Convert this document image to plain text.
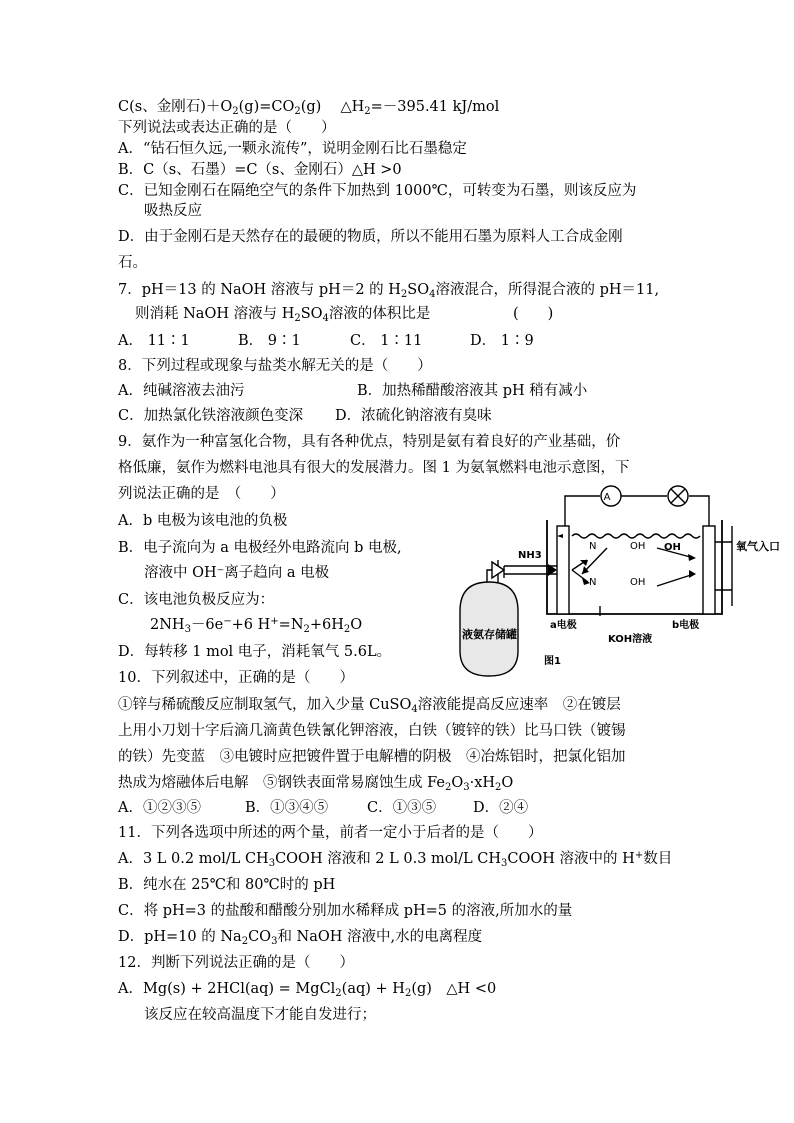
C(s、金刚石)$+O_2(g)=CO_2(g)$　 $\triangle H_2=-395.41$ kJ/mol
下列说法或表达正确的是（　　）
A．“钻石恒久远,一颗永流传”，说明金刚石比石墨稳定
B．C（s、石墨）=C（s、金刚石）△H >0
C．已知金刚石在隔绝空气的条件下加热到 1000℃，可转变为石墨，则该反应为
吸热反应
D．由于金刚石是天然存在的最硬的物质，所以不能用石墨为原料人工合成金刚
石。
7．pH＝13 的 NaOH 溶液与 pH＝2 的 $H_2SO_4$溶液混合，所得混合液的 pH＝11,
则消耗 NaOH 溶液与 $H_2SO_4$溶液的体积比是	(　　)
A． 11∶1	B． 9∶1	C． 1∶11	D． 1∶9
8．下列过程或现象与盐类水解无关的是（　　）
A．纯碱溶液去油污	B．加热稀醋酸溶液其 pH 稍有减小
C．加热氯化铁溶液颜色变深 D．浓硫化钠溶液有臭味
9．氨作为一种富氢化合物，具有各种优点，特别是氨有着良好的产业基础，价
格低廉，氨作为燃料电池具有很大的发展潜力。图 1 为氨氧燃料电池示意图，下
列说法正确的是　（　　）
A．b 电极为该电池的负极
B．电子流向为 a 电极经外电路流向 b 电极,
溶液中 OH⁻离子趋向 a 电极
C．该电池负极反应为：
$2NH_3-6e^-+6$ $H^+=N_2+6H_2O$
D．每转移 1 mol 电子，消耗氧气 5.6L。
A
NH3
N	OH
N	OH
OH	氧气入口
液氨存储罐
a电极	b电极
KOH溶液
图1
10．下列叙述中，正确的是（　　）
①锌与稀硫酸反应制取氢气，加入少量 CuSO$_4$溶液能提高反应速率　②在镀层
上用小刀划十字后滴几滴黄色铁氰化钾溶液，白铁（镀锌的铁）比马口铁（镀锡
的铁）先变蓝　③电镀时应把镀件置于电解槽的阴极　④冶炼铝时，把氯化铝加
热成为熔融体后电解　⑤钢铁表面常易腐蚀生成 $Fe_2O_3\cdot xH_2O$
A．①②③⑤	B．①③④⑤	C．①③⑤	D．②④
11．下列各选项中所述的两个量，前者一定小于后者的是（　　）
A．3 L 0.2 mol/L $CH_3COOH$ 溶液和 2 L 0.3 mol/L $CH_3COOH$ 溶液中的 H+数目
B．纯水在 25℃和 80℃时的 pH
C．将 pH=3 的盐酸和醋酸分别加水稀释成 pH=5 的溶液,所加水的量
D．pH=10 的 $Na_2CO_3$和 NaOH 溶液中,水的电离程度
12．判断下列说法正确的是（　　）
A．Mg(s) + 2HCl(aq) = MgCl$_2$(aq) + $H_2(g)$　△H <0
该反应在较高温度下才能自发进行；
